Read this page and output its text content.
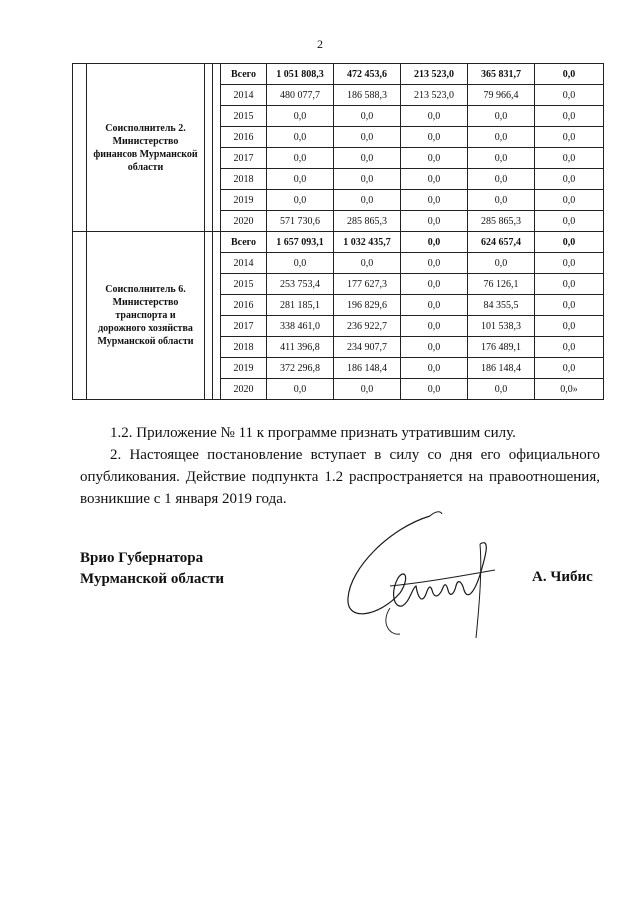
2
	Соисполнитель 2. Министерство финансов Мурманской области			Всего	1 051 808,3	472 453,6	213 523,0	365 831,7	0,0
				2014	480 077,7	186 588,3	213 523,0	79 966,4	0,0
				2015	0,0	0,0	0,0	0,0	0,0
				2016	0,0	0,0	0,0	0,0	0,0
				2017	0,0	0,0	0,0	0,0	0,0
				2018	0,0	0,0	0,0	0,0	0,0
				2019	0,0	0,0	0,0	0,0	0,0
				2020	571 730,6	285 865,3	0,0	285 865,3	0,0
	Соисполнитель 6. Министерство транспорта и дорожного хозяйства Мурманской области			Всего	1 657 093,1	1 032 435,7	0,0	624 657,4	0,0
				2014	0,0	0,0	0,0	0,0	0,0
				2015	253 753,4	177 627,3	0,0	76 126,1	0,0
				2016	281 185,1	196 829,6	0,0	84 355,5	0,0
				2017	338 461,0	236 922,7	0,0	101 538,3	0,0
				2018	411 396,8	234 907,7	0,0	176 489,1	0,0
				2019	372 296,8	186 148,4	0,0	186 148,4	0,0
				2020	0,0	0,0	0,0	0,0	0,0»

1.2. Приложение № 11 к программе признать утратившим силу.

2. Настоящее постановление вступает в силу со дня его официального опубликования. Действие подпункта 1.2 распространяется на правоотношения, возникшие с 1 января 2019 года.

Врио Губернатора
Мурманской области	А. Чибис
